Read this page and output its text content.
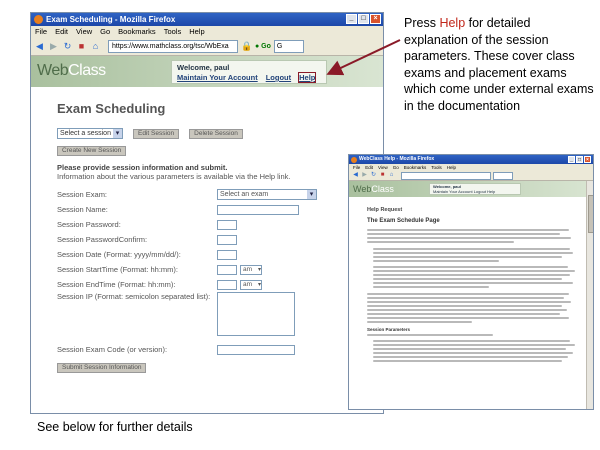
Exam Scheduling - Mozilla Firefox	_	□	×
File Edit View Go Bookmarks Tools Help
◀ ▶ ↻ ■ ⌂	https://www.mathclass.org/tsc/WbExa	🔒 ● Go G
WebClass	Welcome, paul
Maintain Your Account Logout Help
Exam Scheduling
Select a session ▾	Edit Session	Delete Session
Create New Session
Please provide session information and submit.
Information about the various parameters is available via the Help link.
Session Exam:	Select an exam ▾
Session Name:
Session Password:
Session PasswordConfirm:
Session Date (Format: yyyy/mm/dd/):
Session StartTime (Format: hh:mm):	am ▾
Session EndTime (Format: hh:mm):	am ▾
Session IP (Format: semicolon separated list):
Session Exam Code (or version):
Submit Session Information
WebClass Help - Mozilla Firefox	_	□	×
File Edit View Go Bookmarks Tools Help
◀ ▶ ↻ ■ ⌂
WebClass	Welcome, paul
Maintain Your Account Logout Help
Help Request
The Exam Schedule Page
Session Parameters
Press Help for detailed explanation of the session parameters. These cover class exams and placement exams which come under external exams in the documentation
See below for further details
